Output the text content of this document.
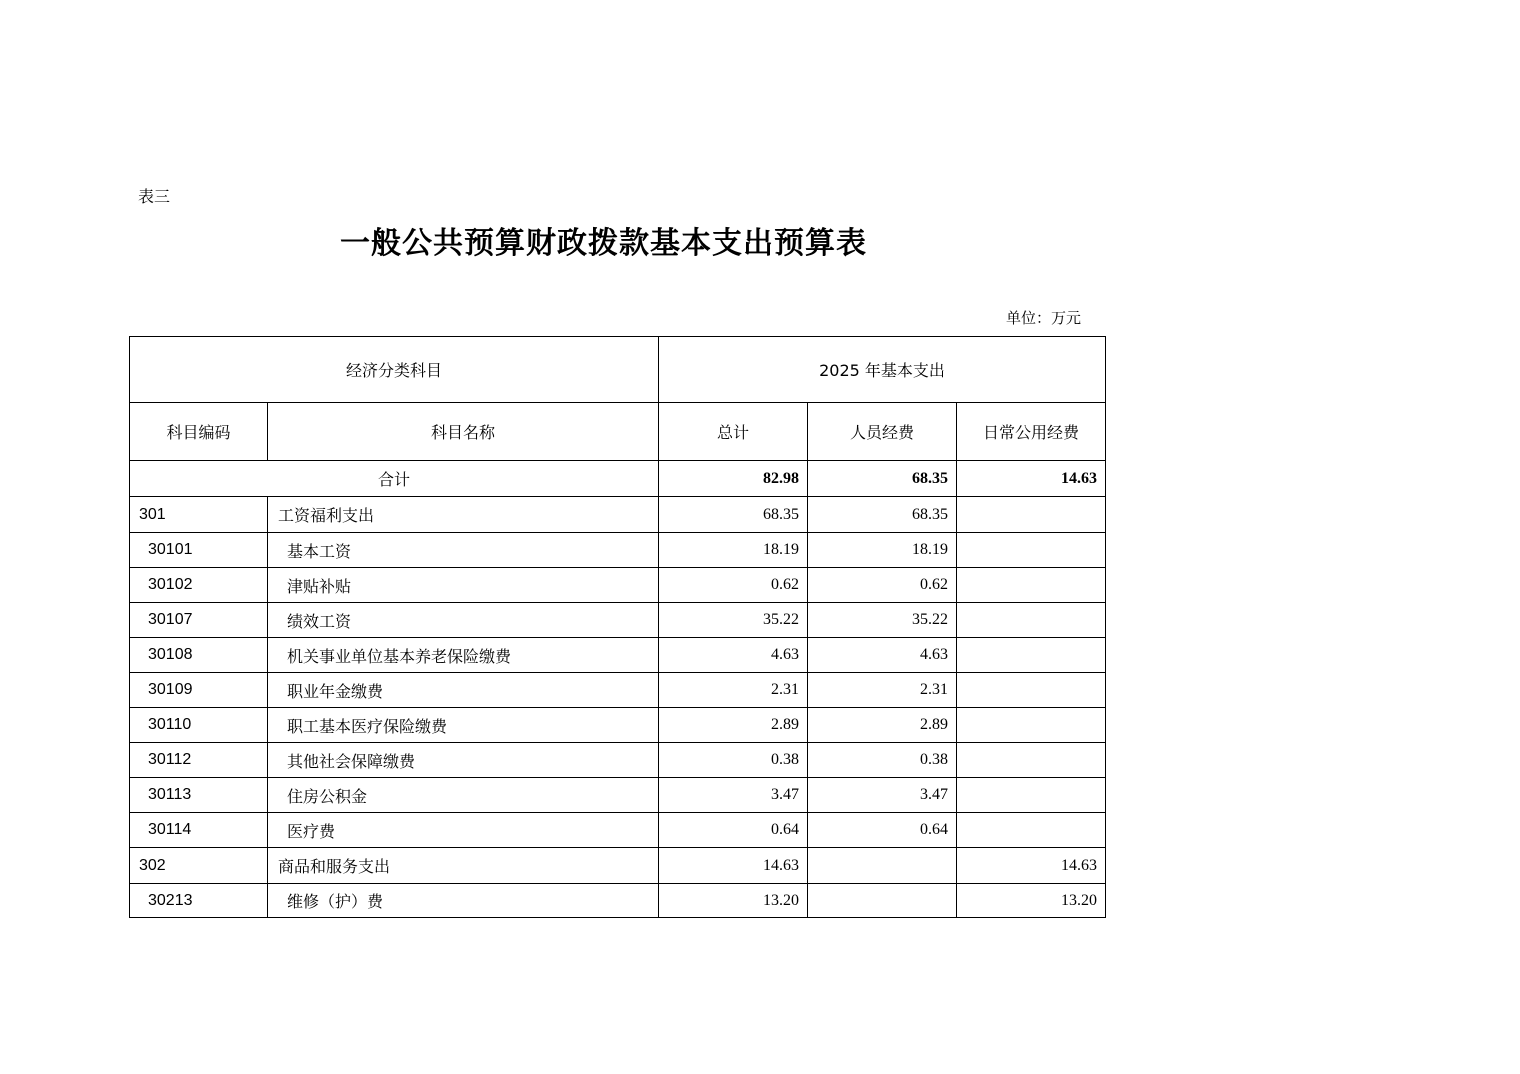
表三
一般公共预算财政拨款基本支出预算表
单位：万元
经济分类科目		2025 年基本支出		
科目编码	科目名称	总计	人员经费	日常公用经费
合计		82.98	68.35	14.63
301	工资福利支出	68.35	68.35	
30101	基本工资	18.19	18.19	
30102	津贴补贴	0.62	0.62	
30107	绩效工资	35.22	35.22	
30108	机关事业单位基本养老保险缴费	4.63	4.63	
30109	职业年金缴费	2.31	2.31	
30110	职工基本医疗保险缴费	2.89	2.89	
30112	其他社会保障缴费	0.38	0.38	
30113	住房公积金	3.47	3.47	
30114	医疗费	0.64	0.64	
302	商品和服务支出	14.63		14.63
30213	维修（护）费	13.20		13.20
